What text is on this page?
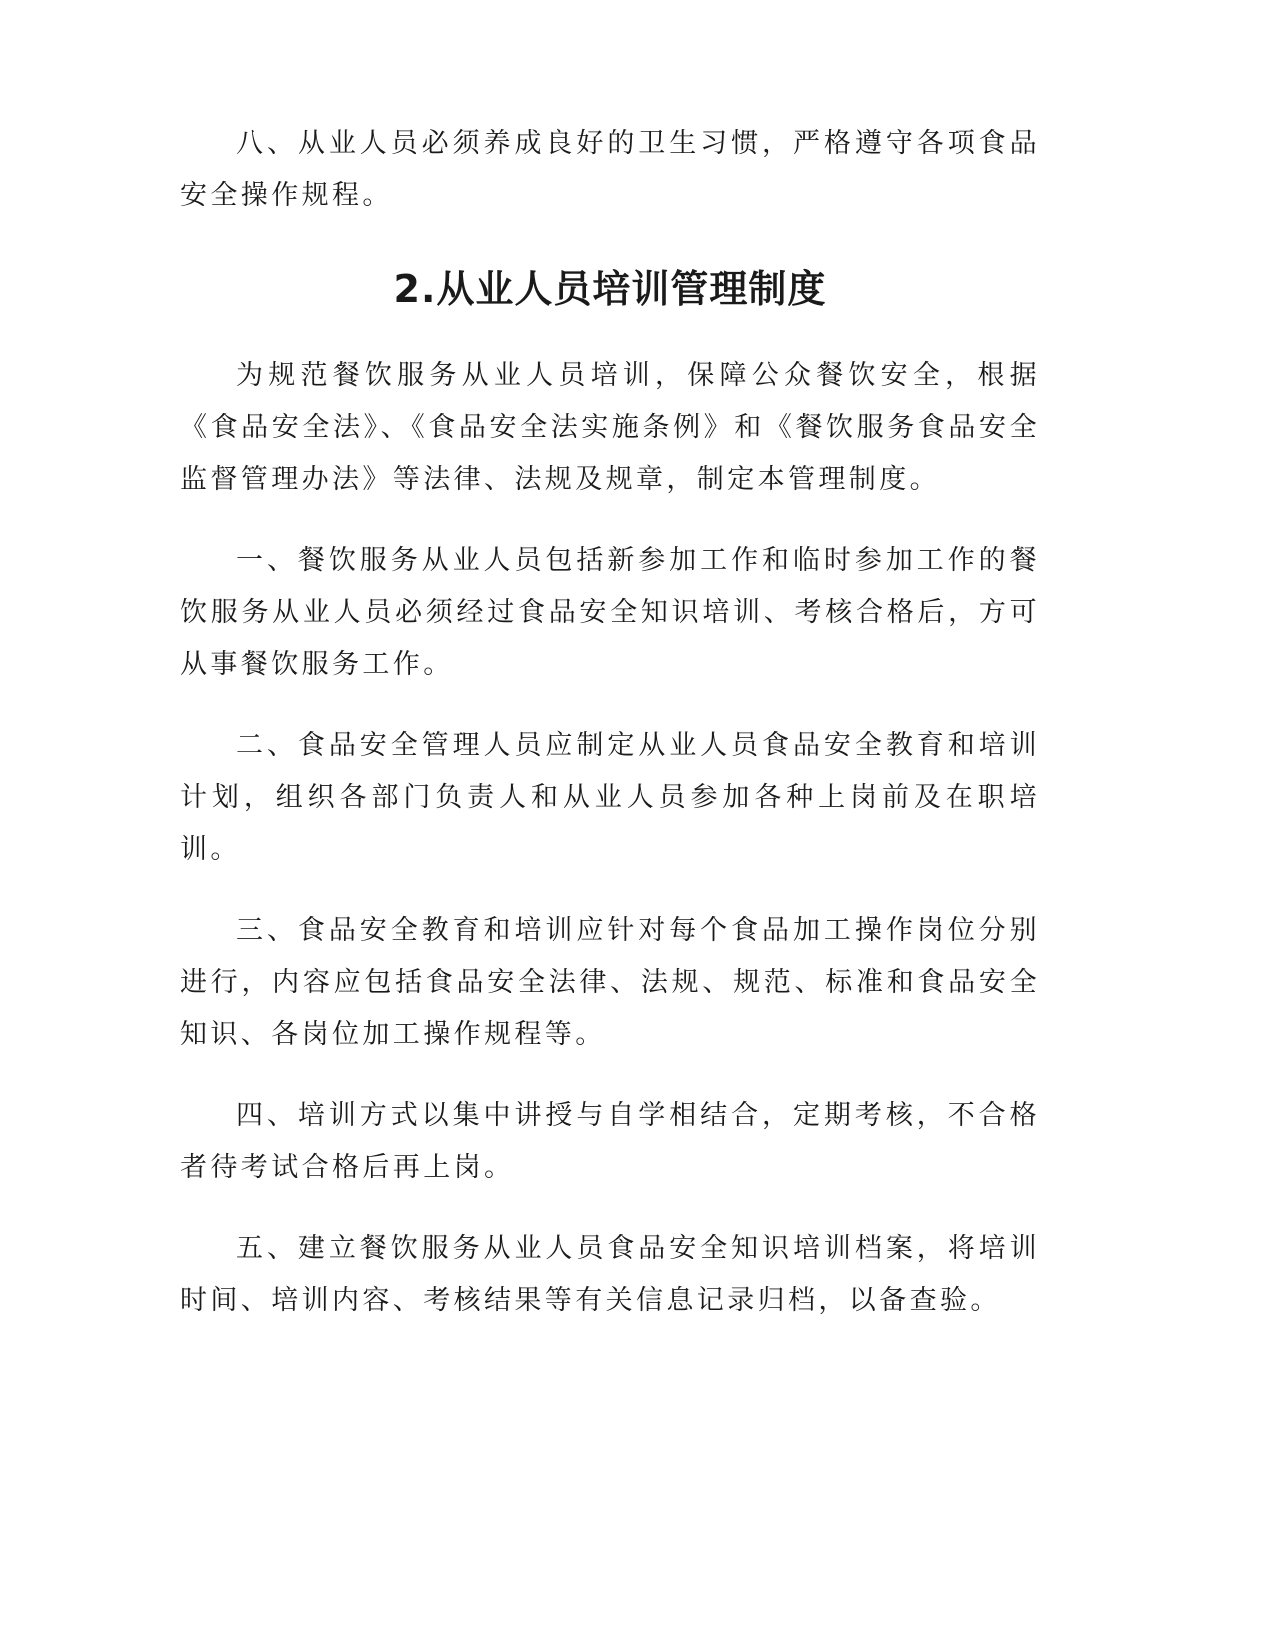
八、从业人员必须养成良好的卫生习惯，严格遵守各项食品安全操作规程。

2.从业人员培训管理制度

为规范餐饮服务从业人员培训，保障公众餐饮安全，根据《食品安全法》、《食品安全法实施条例》和《餐饮服务食品安全监督管理办法》等法律、法规及规章，制定本管理制度。

一、餐饮服务从业人员包括新参加工作和临时参加工作的餐饮服务从业人员必须经过食品安全知识培训、考核合格后，方可从事餐饮服务工作。

二、食品安全管理人员应制定从业人员食品安全教育和培训计划，组织各部门负责人和从业人员参加各种上岗前及在职培训。

三、食品安全教育和培训应针对每个食品加工操作岗位分别进行，内容应包括食品安全法律、法规、规范、标准和食品安全知识、各岗位加工操作规程等。

四、培训方式以集中讲授与自学相结合，定期考核，不合格者待考试合格后再上岗。

五、建立餐饮服务从业人员食品安全知识培训档案，将培训时间、培训内容、考核结果等有关信息记录归档，以备查验。
